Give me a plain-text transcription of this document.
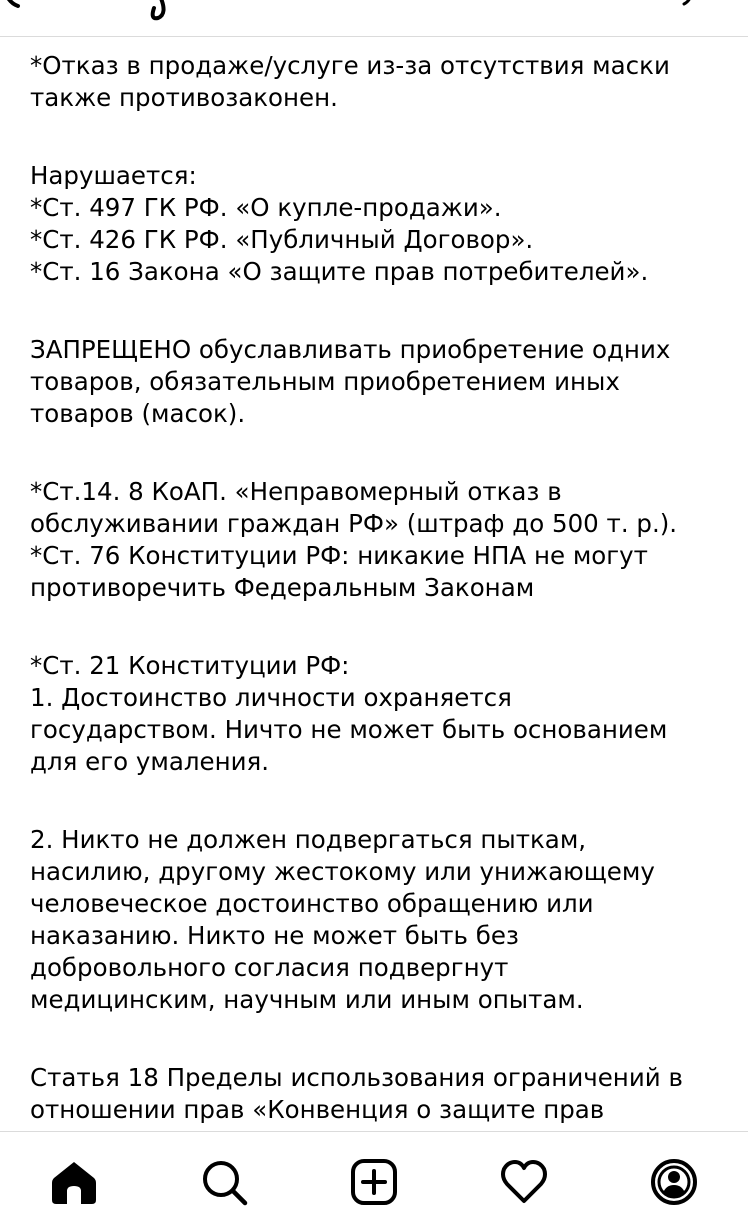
*Отказ в продаже/услуге из-за отсутствия маски
также противозаконен.
Нарушается:
*Ст. 497 ГК РФ. «О купле-продажи».
*Ст. 426 ГК РФ. «Публичный Договор».
*Ст. 16 Закона «О защите прав потребителей».
ЗАПРЕЩЕНО обуславливать приобретение одних
товаров, обязательным приобретением иных
товаров (масок).
*Ст.14. 8 КоАП. «Неправомерный отказ в
обслуживании граждан РФ» (штраф до 500 т. р.).
*Ст. 76 Конституции РФ: никакие НПА не могут
противоречить Федеральным Законам
*Ст. 21 Конституции РФ:
1. Достоинство личности охраняется
государством. Ничто не может быть основанием
для его умаления.
2. Никто не должен подвергаться пыткам,
насилию, другому жестокому или унижающему
человеческое достоинство обращению или
наказанию. Никто не может быть без
добровольного согласия подвергнут
медицинским, научным или иным опытам.
Статья 18 Пределы использования ограничений в
отношении прав «Конвенция о защите прав
